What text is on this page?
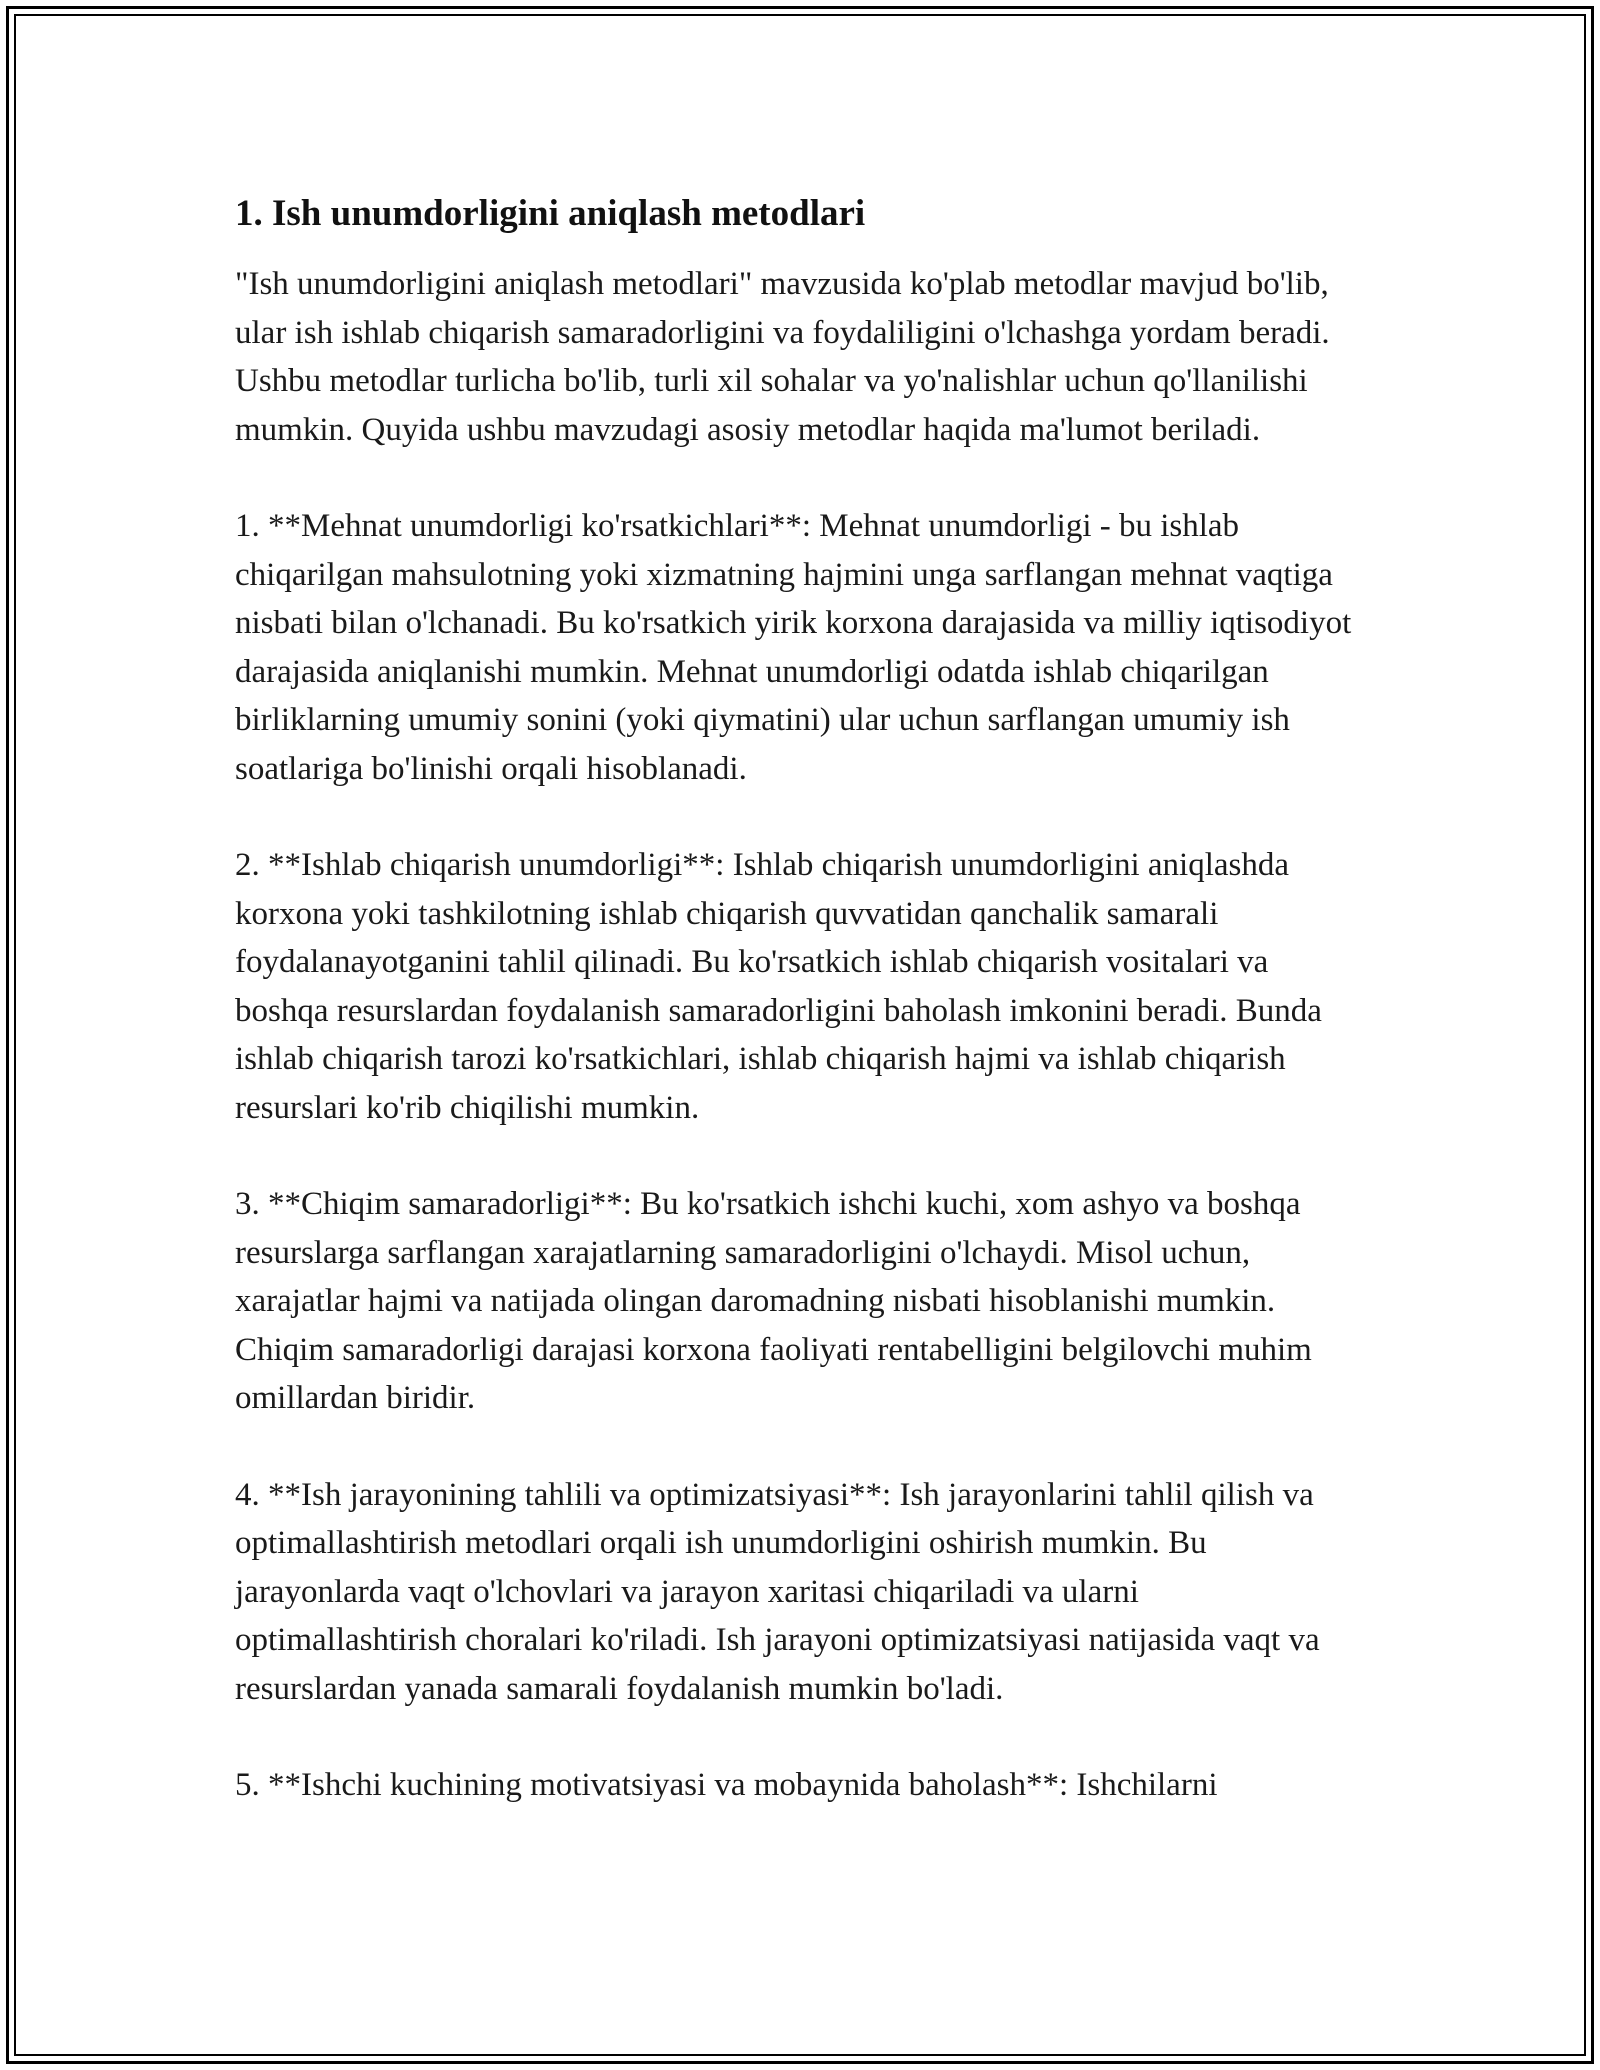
1. Ish unumdorligini aniqlash metodlari

"Ish unumdorligini aniqlash metodlari" mavzusida ko'plab metodlar mavjud bo'lib, ular ish ishlab chiqarish samaradorligini va foydaliligini o'lchashga yordam beradi. Ushbu metodlar turlicha bo'lib, turli xil sohalar va yo'nalishlar uchun qo'llanilishi mumkin. Quyida ushbu mavzudagi asosiy metodlar haqida ma'lumot beriladi.

1. **Mehnat unumdorligi ko'rsatkichlari**: Mehnat unumdorligi - bu ishlab chiqarilgan mahsulotning yoki xizmatning hajmini unga sarflangan mehnat vaqtiga nisbati bilan o'lchanadi. Bu ko'rsatkich yirik korxona darajasida va milliy iqtisodiyot darajasida aniqlanishi mumkin. Mehnat unumdorligi odatda ishlab chiqarilgan birliklarning umumiy sonini (yoki qiymatini) ular uchun sarflangan umumiy ish soatlariga bo'linishi orqali hisoblanadi.

2. **Ishlab chiqarish unumdorligi**: Ishlab chiqarish unumdorligini aniqlashda korxona yoki tashkilotning ishlab chiqarish quvvatidan qanchalik samarali foydalanayotganini tahlil qilinadi. Bu ko'rsatkich ishlab chiqarish vositalari va boshqa resurslardan foydalanish samaradorligini baholash imkonini beradi. Bunda ishlab chiqarish tarozi ko'rsatkichlari, ishlab chiqarish hajmi va ishlab chiqarish resurslari ko'rib chiqilishi mumkin.

3. **Chiqim samaradorligi**: Bu ko'rsatkich ishchi kuchi, xom ashyo va boshqa resurslarga sarflangan xarajatlarning samaradorligini o'lchaydi. Misol uchun, xarajatlar hajmi va natijada olingan daromadning nisbati hisoblanishi mumkin. Chiqim samaradorligi darajasi korxona faoliyati rentabelligini belgilovchi muhim omillardan biridir.

4. **Ish jarayonining tahlili va optimizatsiyasi**: Ish jarayonlarini tahlil qilish va optimallashtirish metodlari orqali ish unumdorligini oshirish mumkin. Bu jarayonlarda vaqt o'lchovlari va jarayon xaritasi chiqariladi va ularni optimallashtirish choralari ko'riladi. Ish jarayoni optimizatsiyasi natijasida vaqt va resurslardan yanada samarali foydalanish mumkin bo'ladi.

5. **Ishchi kuchining motivatsiyasi va mobaynida baholash**: Ishchilarni
